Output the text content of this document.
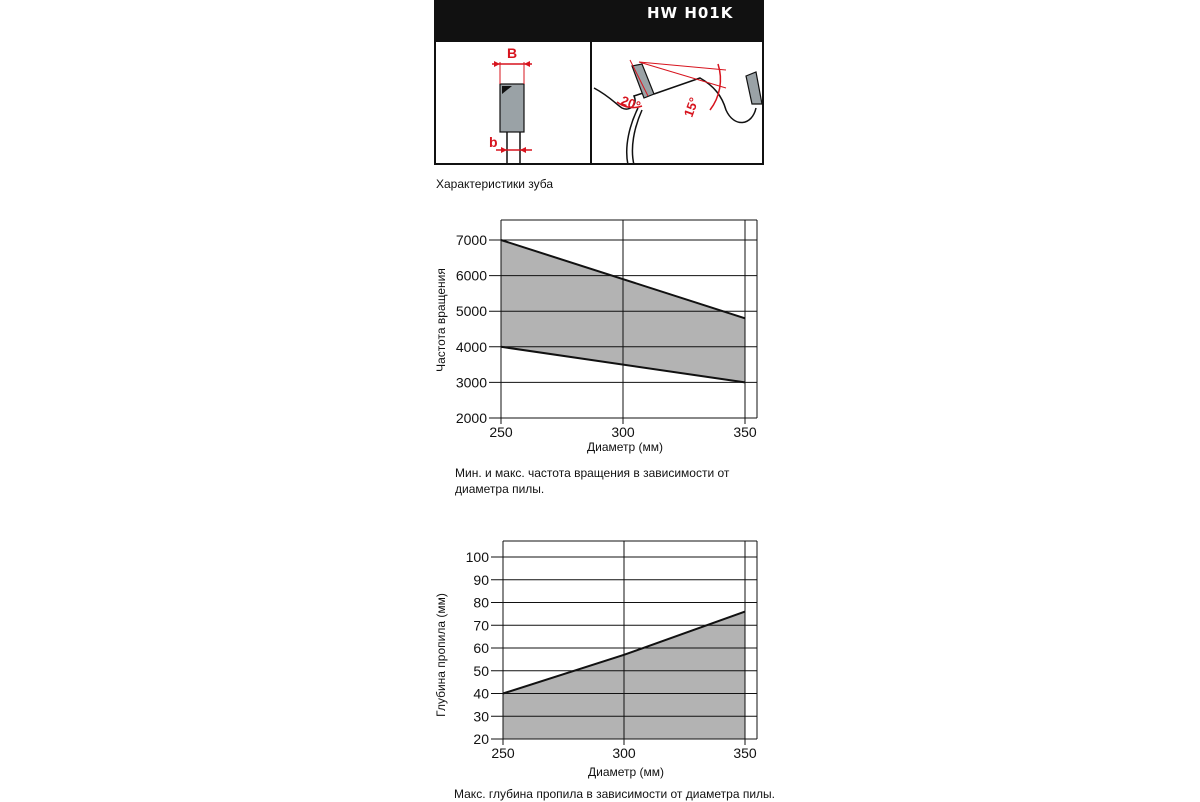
HW H01K
B
b
20°	15°
Характеристики зуба
2000
3000
4000
5000
6000
7000
250	300	350
Диаметр (мм)
Частота вращения
Мин. и макс. частота вращения в зависимости от диаметра пилы.
20
30
40
50
60
70
80
90
100
250	300	350
Диаметр (мм)
Глубина пропила (мм)
Макс. глубина пропила в зависимости от диаметра пилы.
